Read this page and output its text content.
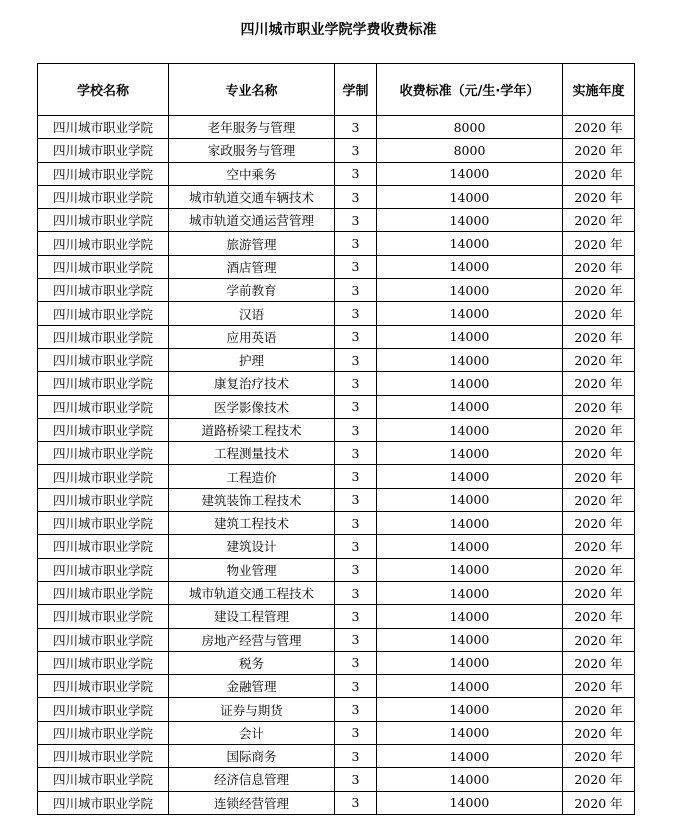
四川城市职业学院学费收费标准
学校名称	专业名称	学制	收费标准（元/生·学年）	实施年度
四川城市职业学院	老年服务与管理	3	8000	2020 年
四川城市职业学院	家政服务与管理	3	8000	2020 年
四川城市职业学院	空中乘务	3	14000	2020 年
四川城市职业学院	城市轨道交通车辆技术	3	14000	2020 年
四川城市职业学院	城市轨道交通运营管理	3	14000	2020 年
四川城市职业学院	旅游管理	3	14000	2020 年
四川城市职业学院	酒店管理	3	14000	2020 年
四川城市职业学院	学前教育	3	14000	2020 年
四川城市职业学院	汉语	3	14000	2020 年
四川城市职业学院	应用英语	3	14000	2020 年
四川城市职业学院	护理	3	14000	2020 年
四川城市职业学院	康复治疗技术	3	14000	2020 年
四川城市职业学院	医学影像技术	3	14000	2020 年
四川城市职业学院	道路桥梁工程技术	3	14000	2020 年
四川城市职业学院	工程测量技术	3	14000	2020 年
四川城市职业学院	工程造价	3	14000	2020 年
四川城市职业学院	建筑装饰工程技术	3	14000	2020 年
四川城市职业学院	建筑工程技术	3	14000	2020 年
四川城市职业学院	建筑设计	3	14000	2020 年
四川城市职业学院	物业管理	3	14000	2020 年
四川城市职业学院	城市轨道交通工程技术	3	14000	2020 年
四川城市职业学院	建设工程管理	3	14000	2020 年
四川城市职业学院	房地产经营与管理	3	14000	2020 年
四川城市职业学院	税务	3	14000	2020 年
四川城市职业学院	金融管理	3	14000	2020 年
四川城市职业学院	证券与期货	3	14000	2020 年
四川城市职业学院	会计	3	14000	2020 年
四川城市职业学院	国际商务	3	14000	2020 年
四川城市职业学院	经济信息管理	3	14000	2020 年
四川城市职业学院	连锁经营管理	3	14000	2020 年
